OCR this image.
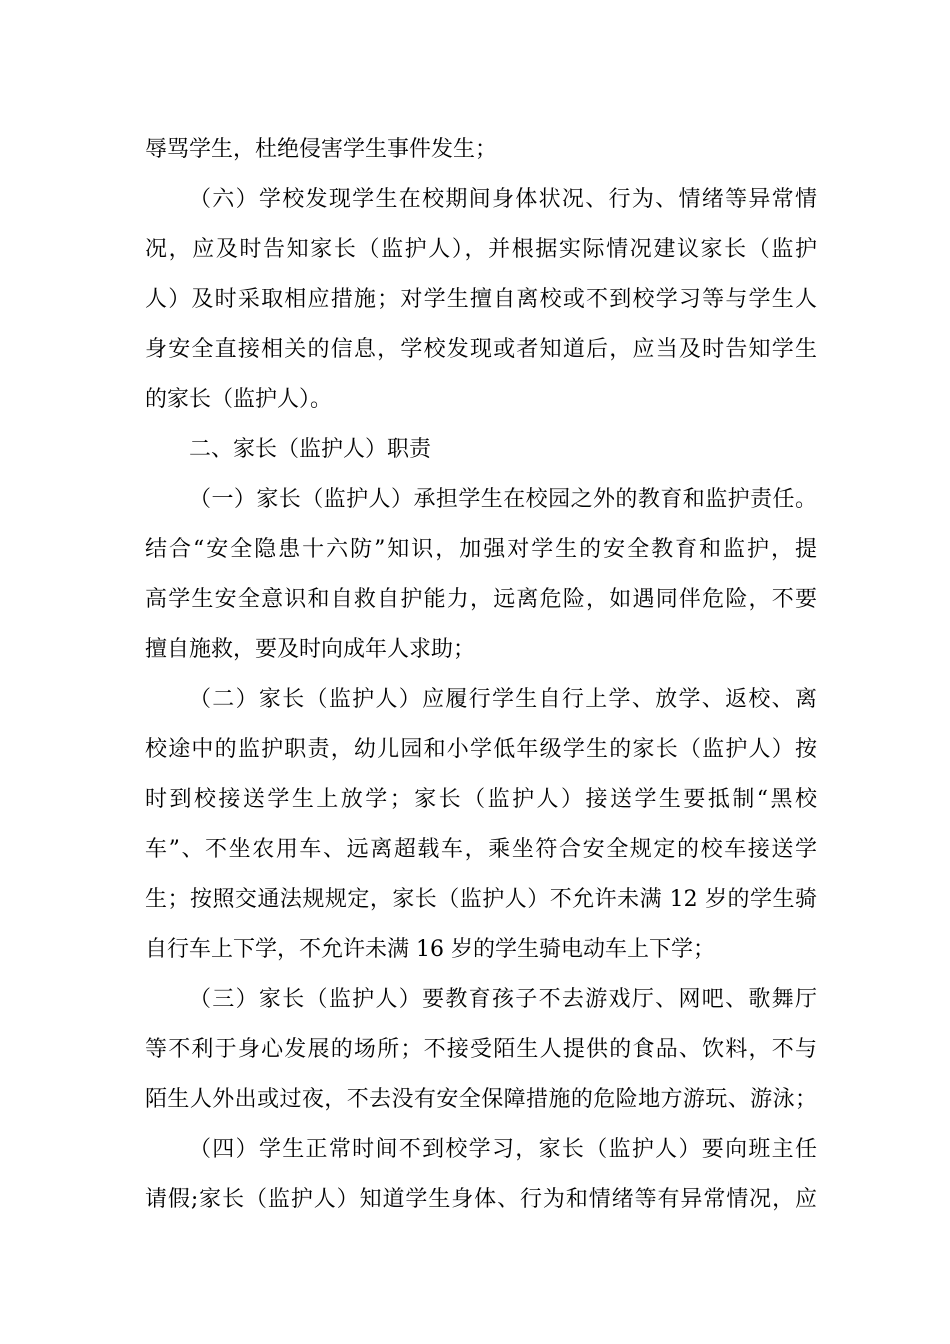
辱骂学生，杜绝侵害学生事件发生；

（六）学校发现学生在校期间身体状况、行为、情绪等异常情

况，应及时告知家长（监护人），并根据实际情况建议家长（监护

人）及时采取相应措施；对学生擅自离校或不到校学习等与学生人

身安全直接相关的信息，学校发现或者知道后，应当及时告知学生

的家长（监护人）。

二、家长（监护人）职责

（一）家长（监护人）承担学生在校园之外的教育和监护责任。

结合“安全隐患十六防”知识，加强对学生的安全教育和监护，提

高学生安全意识和自救自护能力，远离危险，如遇同伴危险，不要

擅自施救，要及时向成年人求助；

（二）家长（监护人）应履行学生自行上学、放学、返校、离

校途中的监护职责，幼儿园和小学低年级学生的家长（监护人）按

时到校接送学生上放学；家长（监护人）接送学生要抵制“黑校

车”、不坐农用车、远离超载车，乘坐符合安全规定的校车接送学

生；按照交通法规规定，家长（监护人）不允许未满 12 岁的学生骑

自行车上下学，不允许未满 16 岁的学生骑电动车上下学；

（三）家长（监护人）要教育孩子不去游戏厅、网吧、歌舞厅

等不利于身心发展的场所；不接受陌生人提供的食品、饮料，不与

陌生人外出或过夜，不去没有安全保障措施的危险地方游玩、游泳；

（四）学生正常时间不到校学习，家长（监护人）要向班主任

请假;家长（监护人）知道学生身体、行为和情绪等有异常情况，应
